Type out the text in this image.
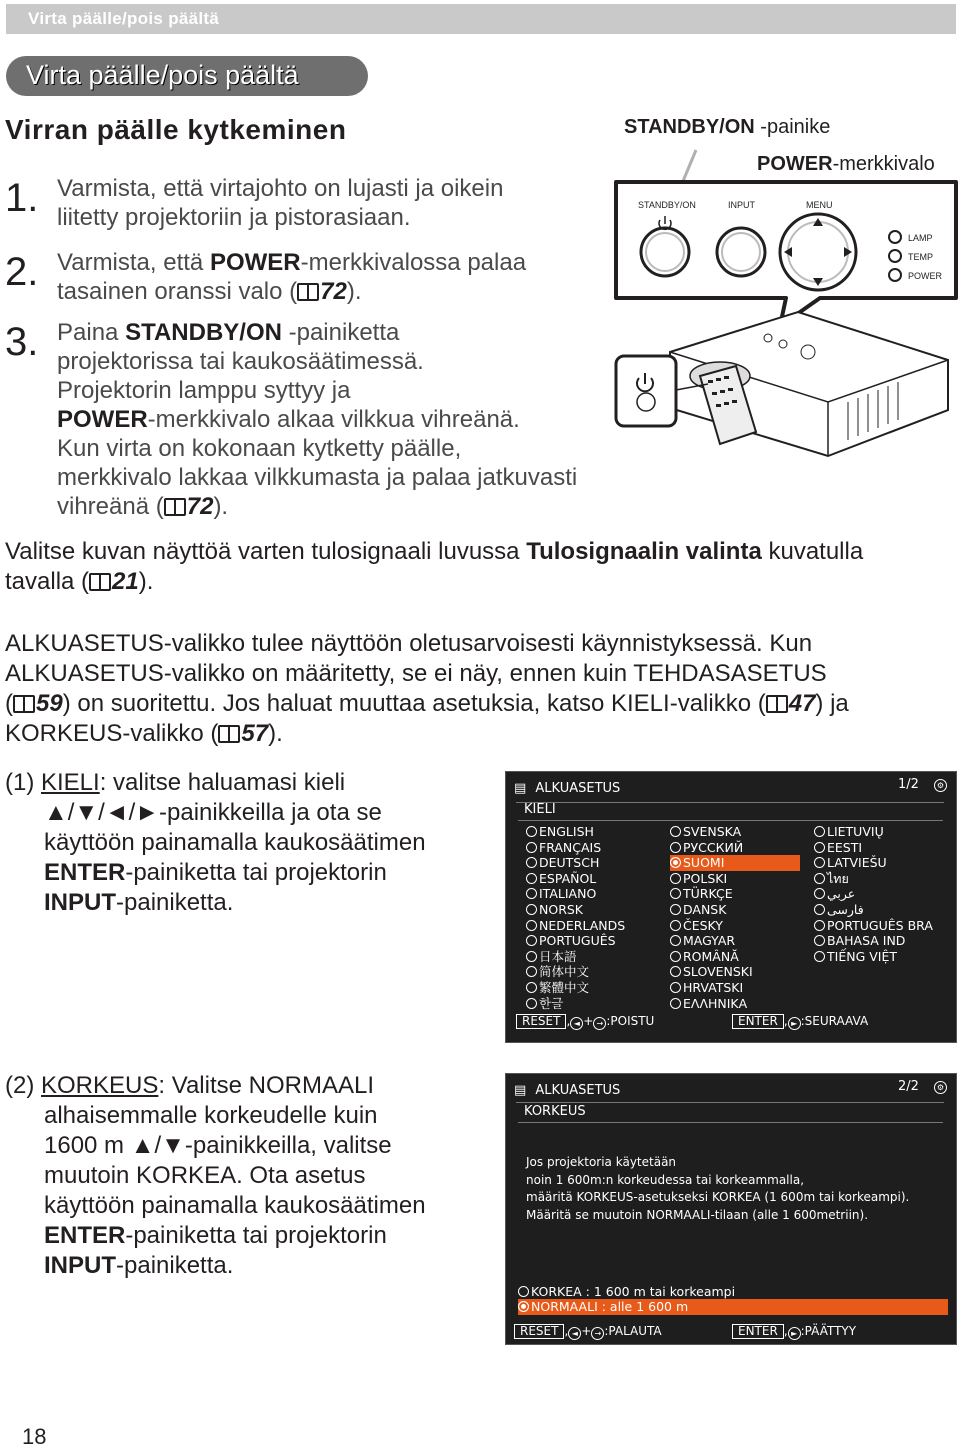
Virta päälle/pois päältä
Virta päälle/pois päältä
Virran päälle kytkeminen
1. Varmista, että virtajohto on lujasti ja oikein
liitetty projektoriin ja pistorasiaan.
2. Varmista, että POWER-merkkivalossa palaa
tasainen oranssi valo ( 72).
3. Paina STANDBY/ON -painiketta
projektorissa tai kaukosäätimessä.
Projektorin lamppu syttyy ja
POWER-merkkivalo alkaa vilkkua vihreänä.
Kun virta on kokonaan kytketty päälle,
merkkivalo lakkaa vilkkumasta ja palaa jatkuvasti
vihreänä ( 72).
STANDBY/ON -painike
POWER-merkkivalo
STANDBY/ON	INPUT	MENU
LAMP
TEMP
POWER
Valitse kuvan näyttöä varten tulosignaali luvussa Tulosignaalin valinta kuvatulla
tavalla ( 21).
ALKUASETUS-valikko tulee näyttöön oletusarvoisesti käynnistyksessä. Kun
ALKUASETUS-valikko on määritetty, se ei näy, ennen kuin TEHDASASETUS
( 59) on suoritettu. Jos haluat muuttaa asetuksia, katso KIELI-valikko ( 47) ja
KORKEUS-valikko ( 57).
(1) KIELI: valitse haluamasi kieli
▲/▼/◄/►-painikkeilla ja ota se
käyttöön painamalla kaukosäätimen
ENTER-painiketta tai projektorin
INPUT-painiketta.
▤ ALKUASETUS	1/2	⚙
KIELI
ENGLISH
FRANÇAIS
DEUTSCH
ESPAÑOL
ITALIANO
NORSK
NEDERLANDS
PORTUGUÊS
日本語
简体中文
繁體中文
한글
SVENSKA
РУССКИЙ
SUOMI
POLSKI
TÜRKÇE
DANSK
ČESKY
MAGYAR
ROMÂNĂ
SLOVENSKI
HRVATSKI
ΕΛΛΗΝΙΚΑ
LIETUVIŲ
EESTI
LATVIEŠU
ไทย
عربي
فارسی
PORTUGUÊS BRA
BAHASA IND
TIẾNG VIỆT
RESET , ◄ + → :POISTU	ENTER , ► :SEURAAVA
(2) KORKEUS: Valitse NORMAALI
alhaisemmalle korkeudelle kuin
1600 m ▲/▼-painikkeilla, valitse
muutoin KORKEA. Ota asetus
käyttöön painamalla kaukosäätimen
ENTER-painiketta tai projektorin
INPUT-painiketta.
▤ ALKUASETUS	2/2	⚙
KORKEUS
Jos projektoria käytetään
noin 1 600m:n korkeudessa tai korkeammalla,
määritä KORKEUS-asetukseksi KORKEA (1 600m tai korkeampi).
Määritä se muutoin NORMAALI-tilaan (alle 1 600metriin).
KORKEA : 1 600 m tai korkeampi
NORMAALI : alle 1 600 m
RESET , ◄ + → :PALAUTA	ENTER , ► :PÄÄTTYY
18
